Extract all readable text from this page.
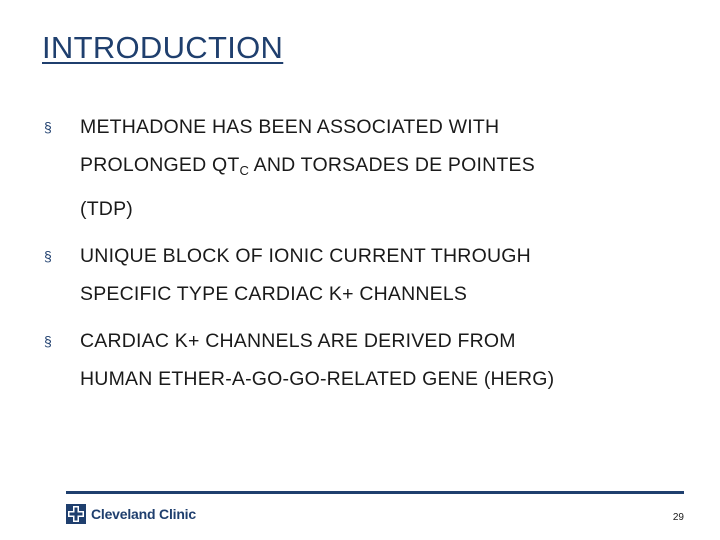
INTRODUCTION
§ METHADONE HAS BEEN ASSOCIATED WITH
PROLONGED $QT_C$ AND TORSADES DE POINTES
(TDP)
§ UNIQUE BLOCK OF IONIC CURRENT THROUGH
SPECIFIC TYPE CARDIAC K+ CHANNELS
§ CARDIAC K+ CHANNELS ARE DERIVED FROM
HUMAN ETHER-A-GO-GO-RELATED GENE (HERG)
Cleveland Clinic	29
